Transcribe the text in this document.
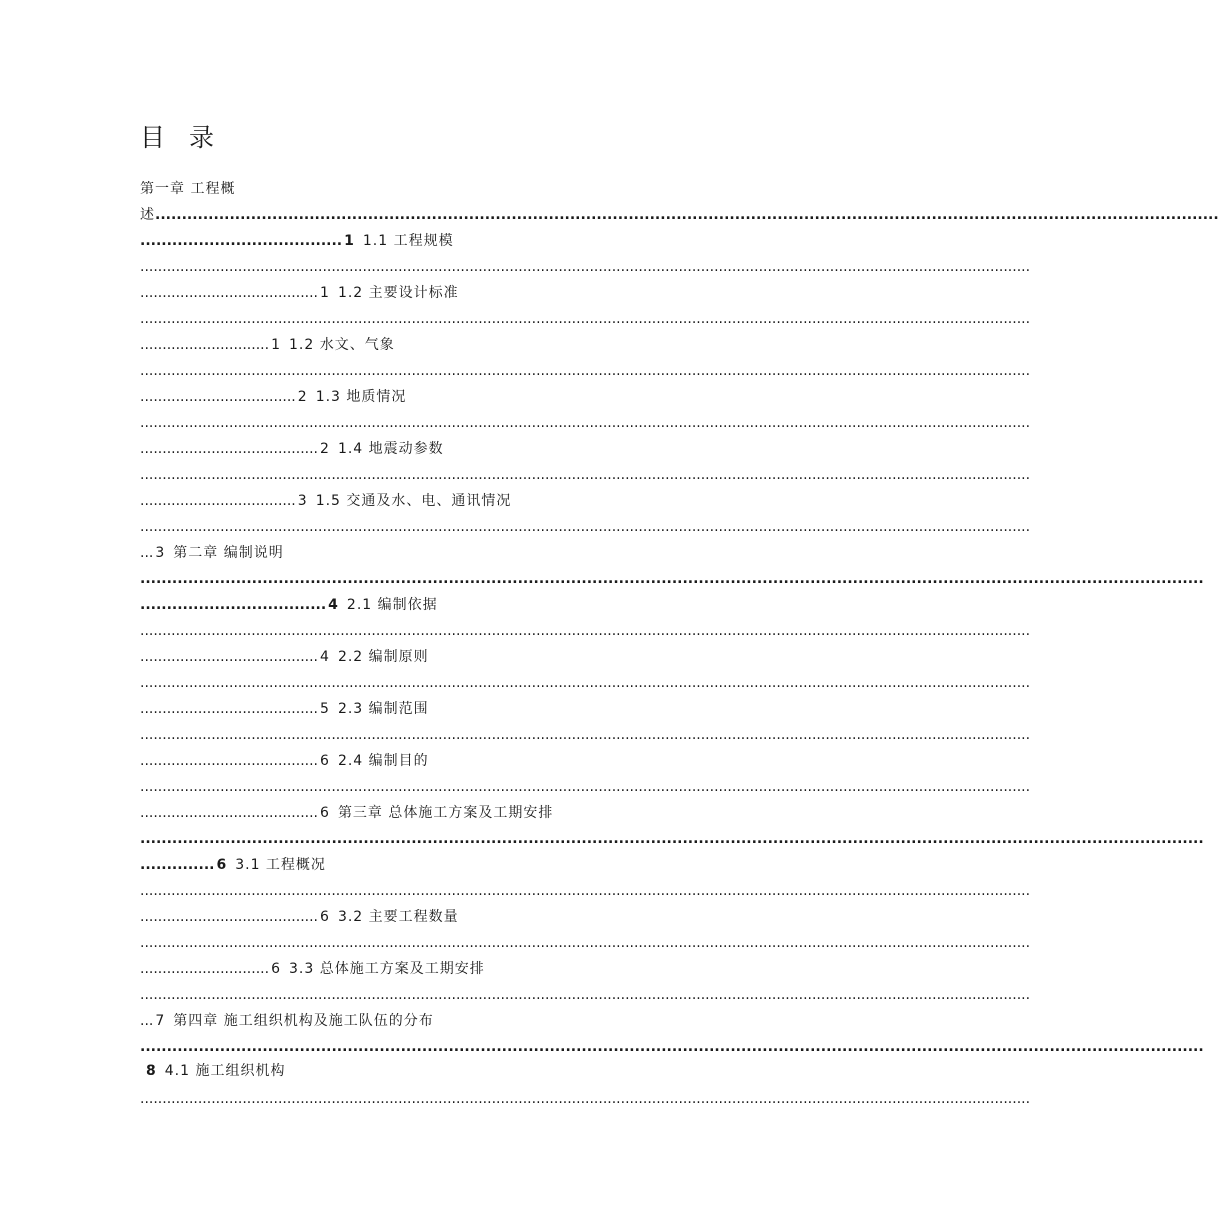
目 录
第一章 工程概
述........................................................................................................................................................................................................
...................................... 1 1.1 工程规模
........................................................................................................................................................................................................
........................................ 1 1.2 主要设计标准
........................................................................................................................................................................................................
............................. 1 1.2 水文、气象
........................................................................................................................................................................................................
................................... 2 1.3 地质情况
........................................................................................................................................................................................................
........................................ 2 1.4 地震动参数
........................................................................................................................................................................................................
................................... 3 1.5 交通及水、电、通讯情况
........................................................................................................................................................................................................
... 3 第二章 编制说明
........................................................................................................................................................................................................
................................... 4 2.1 编制依据
........................................................................................................................................................................................................
........................................ 4 2.2 编制原则
........................................................................................................................................................................................................
........................................ 5 2.3 编制范围
........................................................................................................................................................................................................
........................................ 6 2.4 编制目的
........................................................................................................................................................................................................
........................................ 6 第三章 总体施工方案及工期安排
........................................................................................................................................................................................................
.............. 6 3.1 工程概况
........................................................................................................................................................................................................
........................................ 6 3.2 主要工程数量
........................................................................................................................................................................................................
............................. 6 3.3 总体施工方案及工期安排
........................................................................................................................................................................................................
... 7 第四章 施工组织机构及施工队伍的分布
........................................................................................................................................................................................................
8 4.1 施工组织机构
........................................................................................................................................................................................................
